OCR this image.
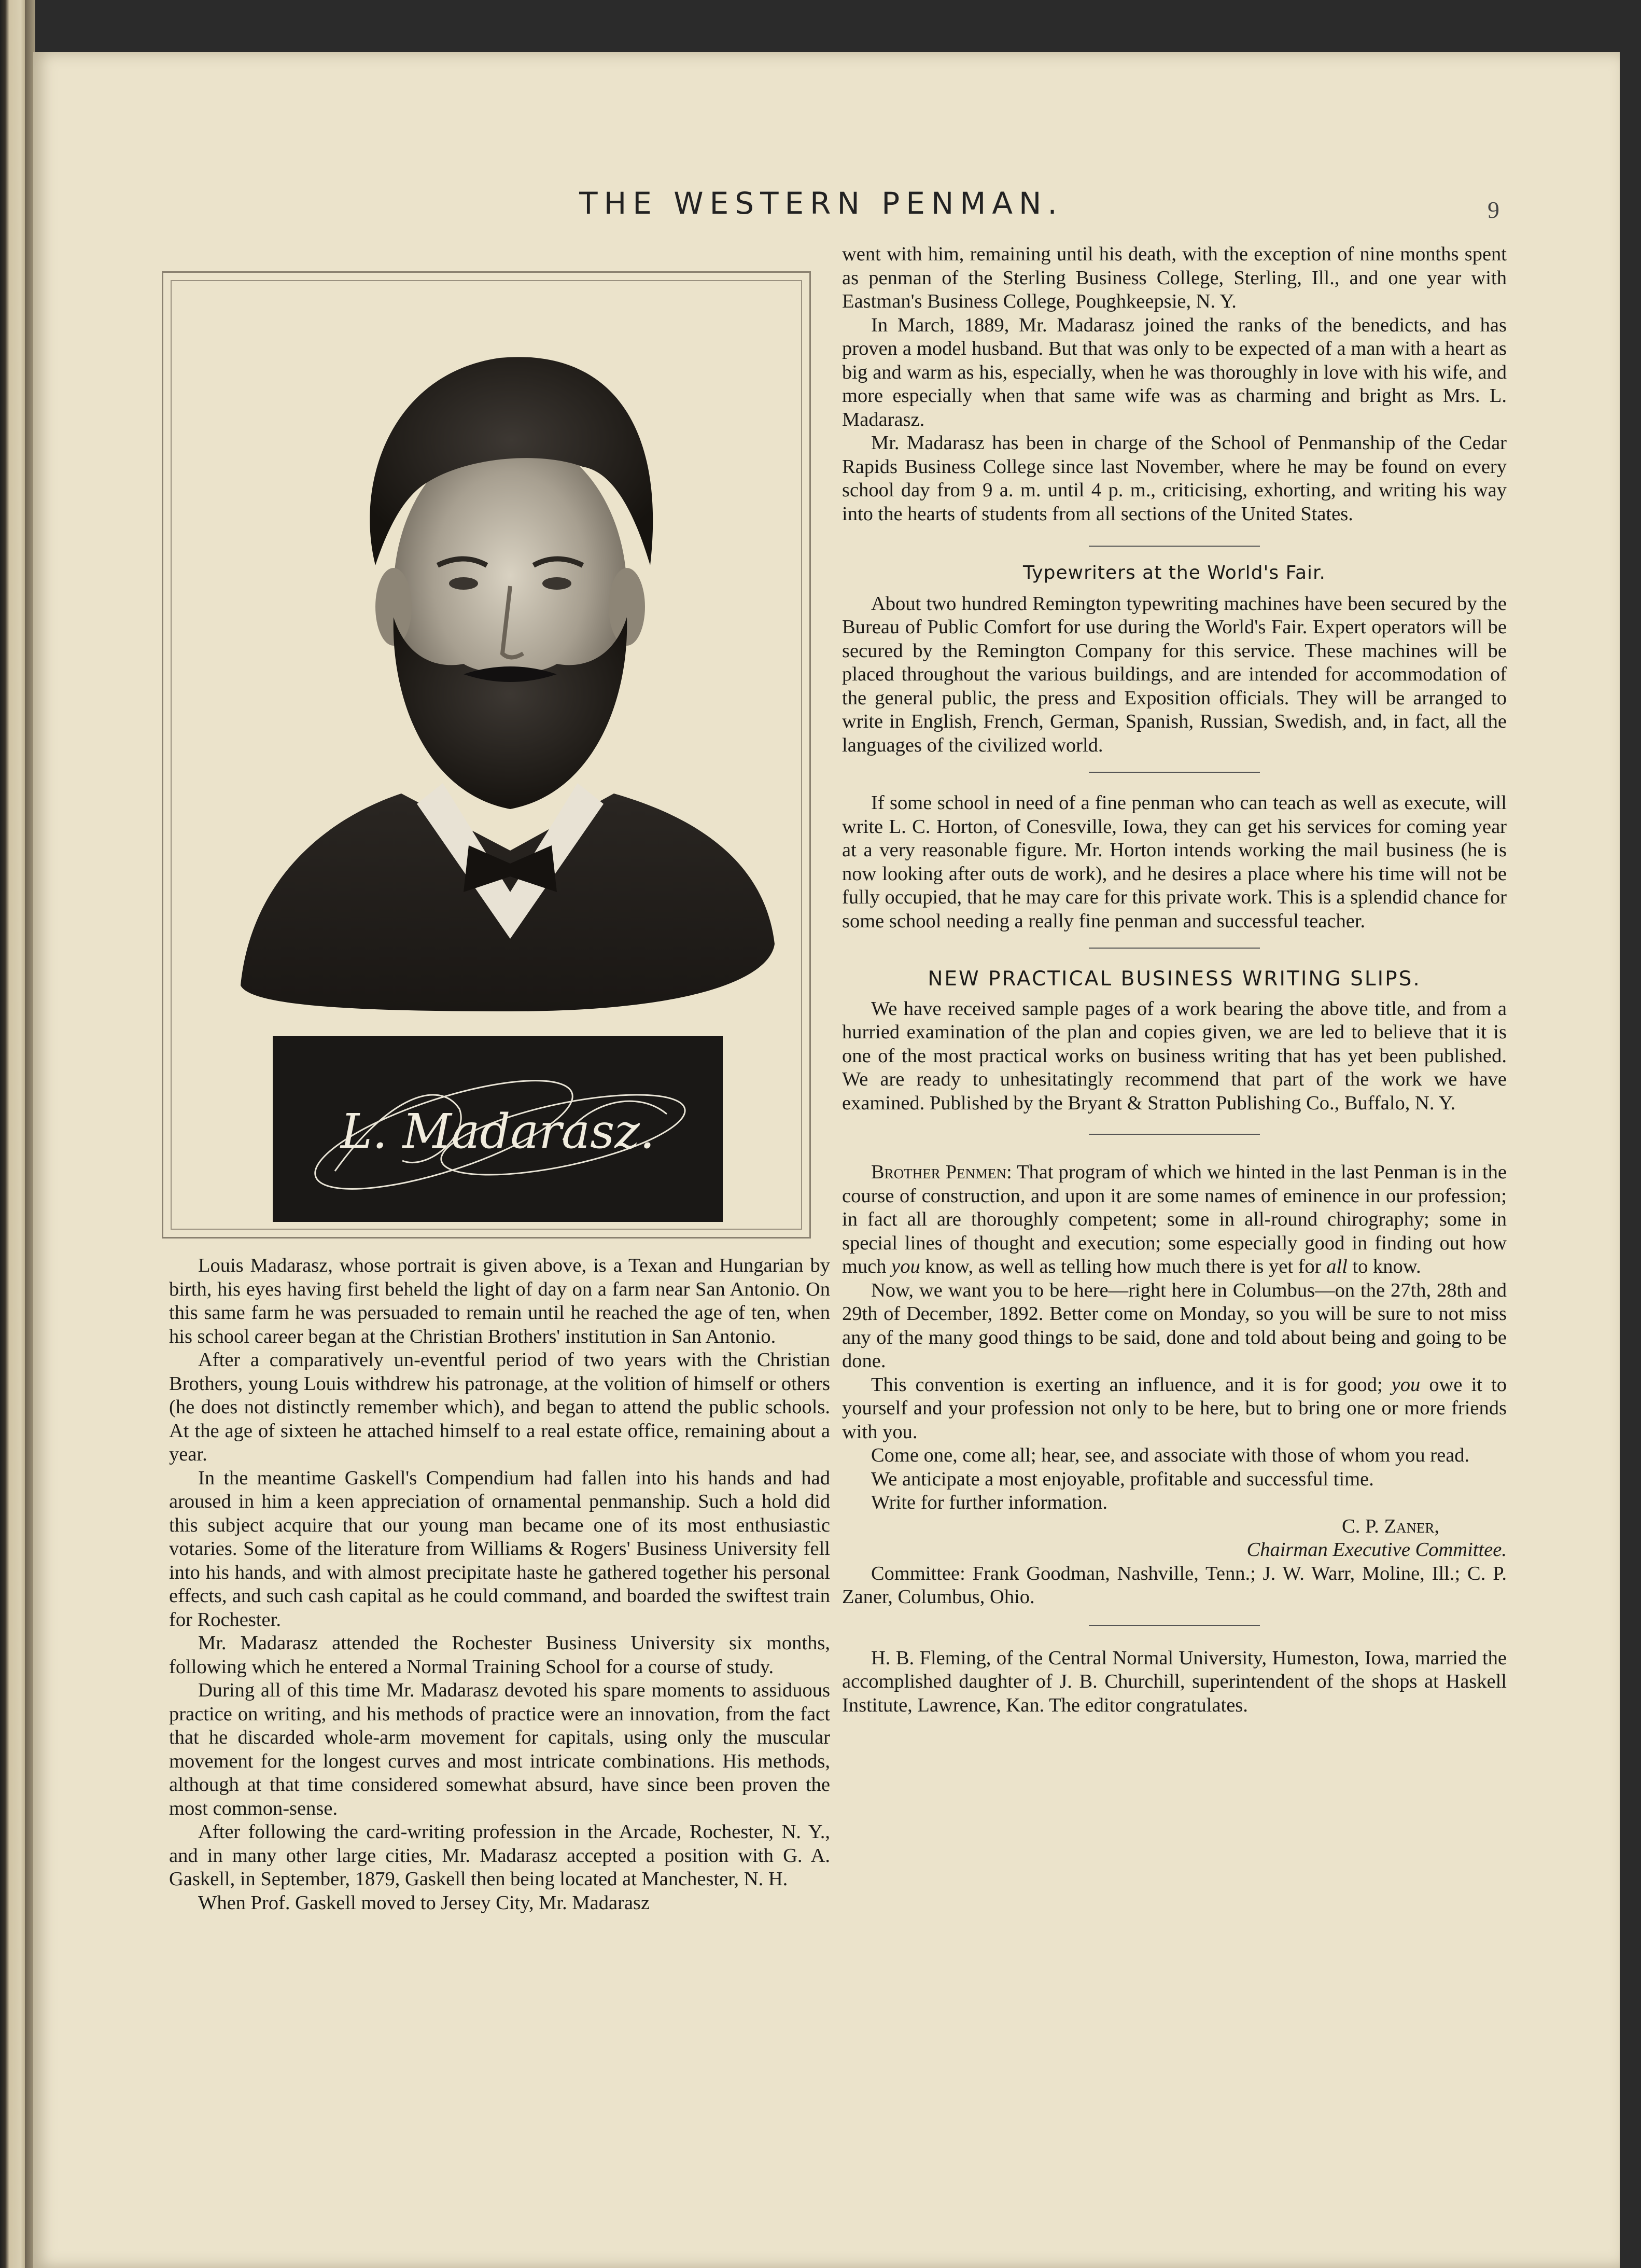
THE WESTERN PENMAN.	9
L. Madarasz.

Louis Madarasz, whose portrait is given above, is a Texan and Hungarian by birth, his eyes having first beheld the light of day on a farm near San Antonio. On this same farm he was persuaded to remain until he reached the age of ten, when his school career began at the Christian Brothers' institution in San Antonio.

After a comparatively un-eventful period of two years with the Christian Brothers, young Louis withdrew his patronage, at the volition of himself or others (he does not distinctly remember which), and began to attend the public schools. At the age of sixteen he attached himself to a real estate office, remaining about a year.

In the meantime Gaskell's Compendium had fallen into his hands and had aroused in him a keen appreciation of ornamental penmanship. Such a hold did this subject acquire that our young man became one of its most enthusiastic votaries. Some of the literature from Williams & Rogers' Business University fell into his hands, and with almost precipitate haste he gathered together his personal effects, and such cash capital as he could command, and boarded the swiftest train for Rochester.

Mr. Madarasz attended the Rochester Business University six months, following which he entered a Normal Training School for a course of study.

During all of this time Mr. Madarasz devoted his spare moments to assiduous practice on writing, and his methods of practice were an innovation, from the fact that he discarded whole-arm movement for capitals, using only the muscular movement for the longest curves and most intricate combinations. His methods, although at that time considered somewhat absurd, have since been proven the most common-sense.

After following the card-writing profession in the Arcade, Rochester, N. Y., and in many other large cities, Mr. Madarasz accepted a position with G. A. Gaskell, in September, 1879, Gaskell then being located at Manchester, N. H.

When Prof. Gaskell moved to Jersey City, Mr. Madarasz

went with him, remaining until his death, with the exception of nine months spent as penman of the Sterling Business College, Sterling, Ill., and one year with Eastman's Business College, Poughkeepsie, N. Y.

In March, 1889, Mr. Madarasz joined the ranks of the benedicts, and has proven a model husband. But that was only to be expected of a man with a heart as big and warm as his, especially, when he was thoroughly in love with his wife, and more especially when that same wife was as charming and bright as Mrs. L. Madarasz.

Mr. Madarasz has been in charge of the School of Penmanship of the Cedar Rapids Business College since last November, where he may be found on every school day from 9 a. m. until 4 p. m., criticising, exhorting, and writing his way into the hearts of students from all sections of the United States.

Typewriters at the World's Fair.

About two hundred Remington typewriting machines have been secured by the Bureau of Public Comfort for use during the World's Fair. Expert operators will be secured by the Remington Company for this service. These machines will be placed throughout the various buildings, and are intended for accommodation of the general public, the press and Exposition officials. They will be arranged to write in English, French, German, Spanish, Russian, Swedish, and, in fact, all the languages of the civilized world.

If some school in need of a fine penman who can teach as well as execute, will write L. C. Horton, of Conesville, Iowa, they can get his services for coming year at a very reasonable figure. Mr. Horton intends working the mail business (he is now looking after outs de work), and he desires a place where his time will not be fully occupied, that he may care for this private work. This is a splendid chance for some school needing a really fine penman and successful teacher.

NEW PRACTICAL BUSINESS WRITING SLIPS.

We have received sample pages of a work bearing the above title, and from a hurried examination of the plan and copies given, we are led to believe that it is one of the most practical works on business writing that has yet been published. We are ready to unhesitatingly recommend that part of the work we have examined. Published by the Bryant & Stratton Publishing Co., Buffalo, N. Y.

Brother Penmen: That program of which we hinted in the last Penman is in the course of construction, and upon it are some names of eminence in our profession; in fact all are thoroughly competent; some in all-round chirography; some in special lines of thought and execution; some especially good in finding out how much you know, as well as telling how much there is yet for all to know.

Now, we want you to be here—right here in Columbus—on the 27th, 28th and 29th of December, 1892. Better come on Monday, so you will be sure to not miss any of the many good things to be said, done and told about being and going to be done.

This convention is exerting an influence, and it is for good; you owe it to yourself and your profession not only to be here, but to bring one or more friends with you.

Come one, come all; hear, see, and associate with those of whom you read.

We anticipate a most enjoyable, profitable and successful time.

Write for further information.

C. P. Zaner,

Chairman Executive Committee.

Committee: Frank Goodman, Nashville, Tenn.; J. W. Warr, Moline, Ill.; C. P. Zaner, Columbus, Ohio.

H. B. Fleming, of the Central Normal University, Humeston, Iowa, married the accomplished daughter of J. B. Churchill, superintendent of the shops at Haskell Institute, Lawrence, Kan. The editor congratulates.
